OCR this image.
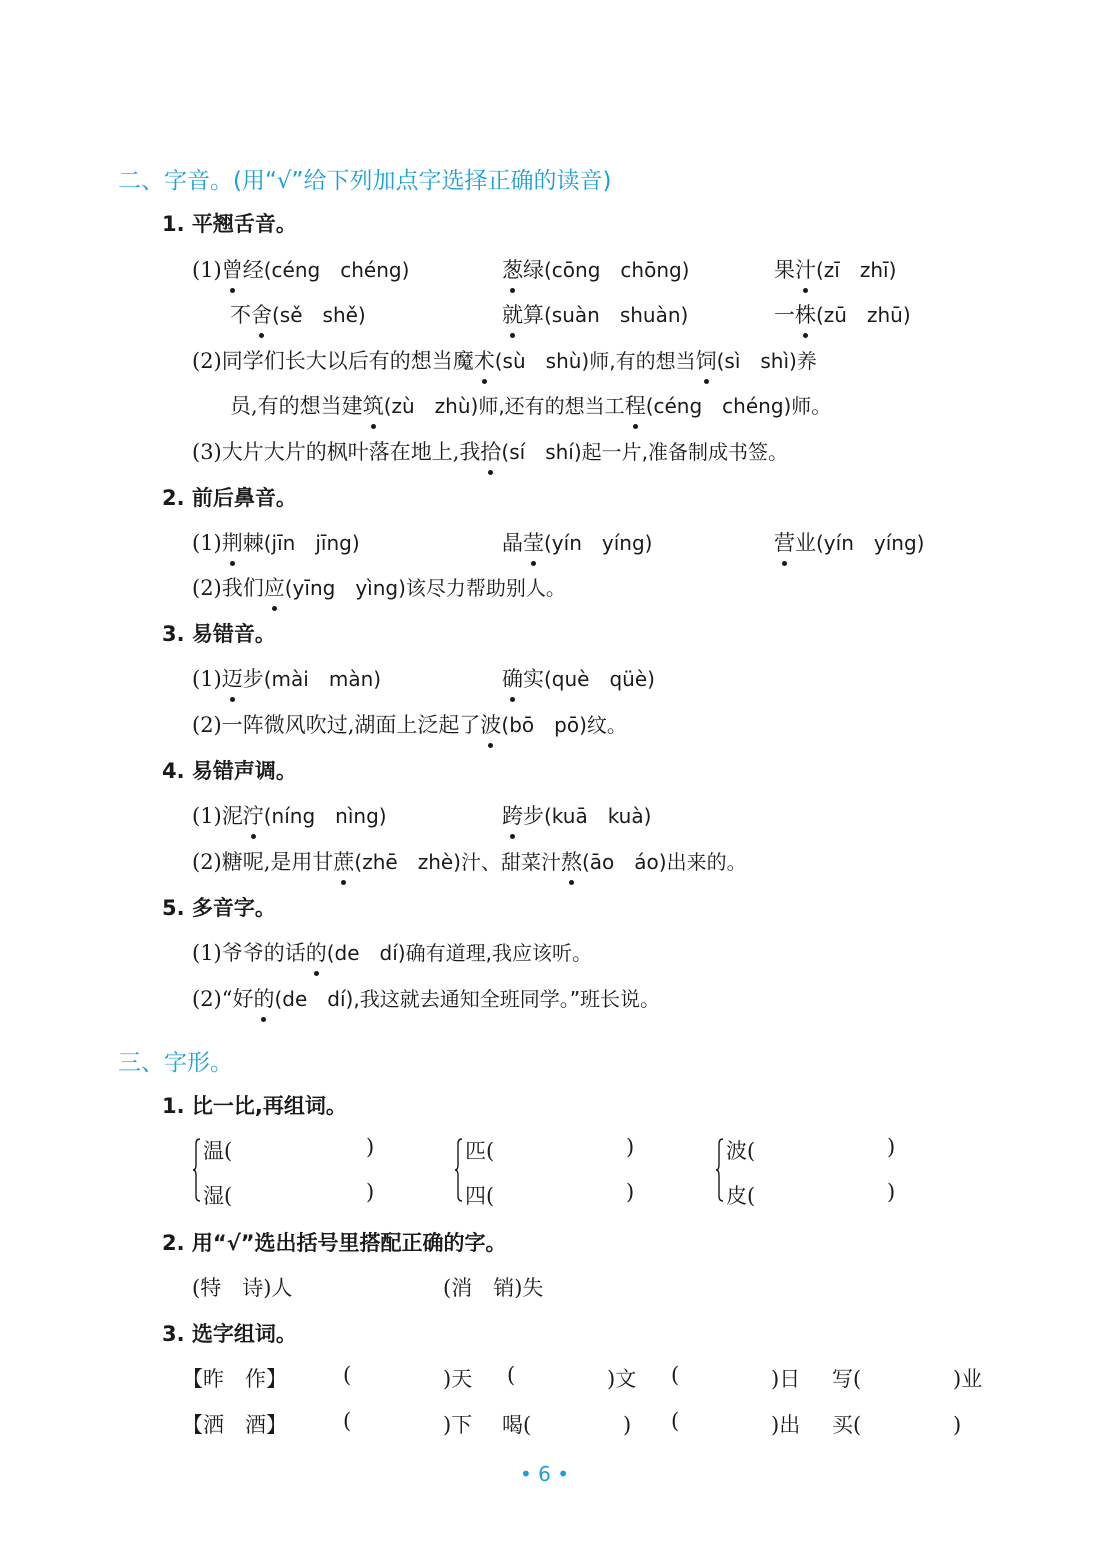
二、字音。(用“√”给下列加点字选择正确的读音)
1. 平翘舌音。
(1)曾经(céng　chéng)	葱绿(cōng　chōng)	果汁(zī　zhī)
不舍(sě　shě)	就算(suàn　shuàn)	一株(zū　zhū)
(2)同学们长大以后有的想当魔术(sù　shù)师,有的想当饲(sì　shì)养
员,有的想当建筑(zù　zhù)师,还有的想当工程(céng　chéng)师。
(3)大片大片的枫叶落在地上,我拾(sí　shí)起一片,准备制成书签。
2. 前后鼻音。
(1)荆棘(jīn　jīng)	晶莹(yín　yíng)	营业(yín　yíng)
(2)我们应(yīng　yìng)该尽力帮助别人。
3. 易错音。
(1)迈步(mài　màn)	确实(què　qüè)
(2)一阵微风吹过,湖面上泛起了波(bō　pō)纹。
4. 易错声调。
(1)泥泞(níng　nìng)	跨步(kuā　kuà)
(2)糖呢,是用甘蔗(zhē　zhè)汁、甜菜汁熬(āo　áo)出来的。
5. 多音字。
(1)爷爷的话的(de　dí)确有道理,我应该听。
(2)“好的(de　dí),我这就去通知全班同学。”班长说。
三、字形。
1. 比一比,再组词。
温(	)
湿(	)
匹(	)
四(	)
波(	)
皮(	)
2. 用“√”选出括号里搭配正确的字。
(特　诗)人	(消　销)失
3. 选字组词。
【昨　作】	( 　　　)天 ( 　　　)文 ( 　　　)日 写( 　　　)业
【洒　酒】	( 　　　)下 喝( 　　　) ( 　　　)出 买( 　　　)
• 6 •
